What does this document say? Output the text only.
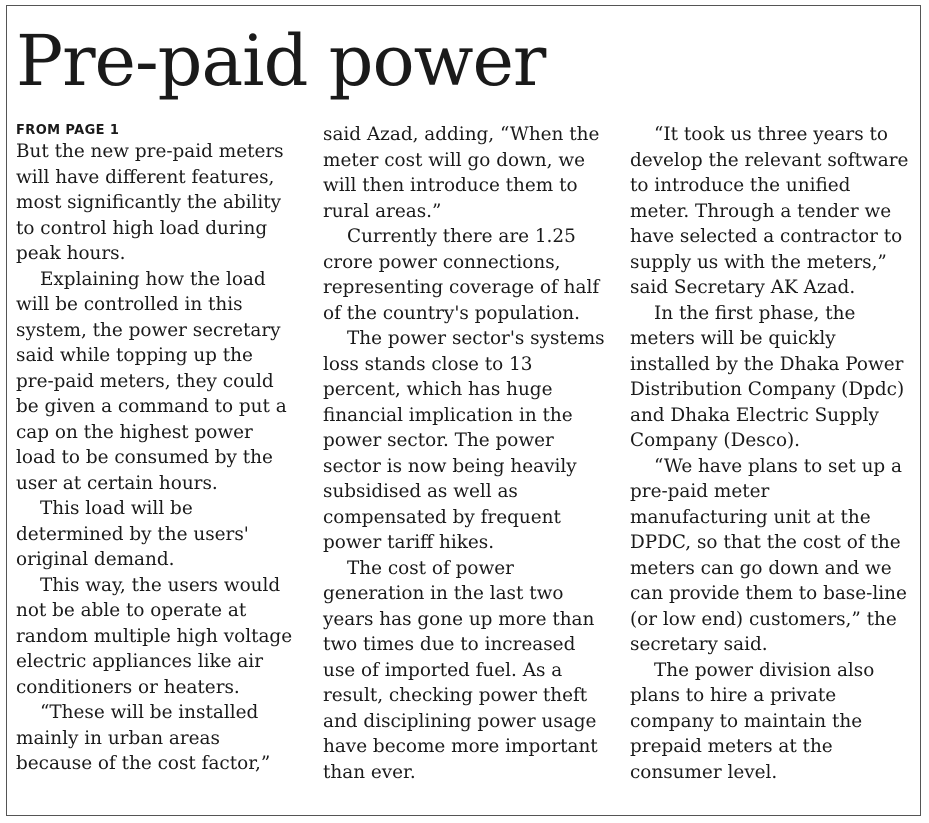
Pre-paid power
FROM PAGE 1

But the new pre-paid meters will have different features, most significantly the ability to control high load during peak hours.

Explaining how the load will be controlled in this system, the power secretary said while topping up the pre-paid meters, they could be given a command to put a cap on the highest power load to be consumed by the user at certain hours.

This load will be determined by the users' original demand.

This way, the users would not be able to operate at random multiple high voltage electric appliances like air conditioners or heaters.

“These will be installed mainly in urban areas because of the cost factor,”

said Azad, adding, “When the meter cost will go down, we will then introduce them to rural areas.”

Currently there are 1.25 crore power connections, representing coverage of half of the country's population.

The power sector's systems loss stands close to 13 percent, which has huge financial implication in the power sector. The power sector is now being heavily subsidised as well as compensated by frequent power tariff hikes.

The cost of power generation in the last two years has gone up more than two times due to increased use of imported fuel. As a result, checking power theft and disciplining power usage have become more important than ever.

“It took us three years to develop the relevant software to introduce the unified meter. Through a tender we have selected a contractor to supply us with the meters,” said Secretary AK Azad.

In the first phase, the meters will be quickly installed by the Dhaka Power Distribution Company (Dpdc) and Dhaka Electric Supply Company (Desco).

“We have plans to set up a pre-paid meter manufacturing unit at the DPDC, so that the cost of the meters can go down and we can provide them to base-line (or low end) customers,” the secretary said.

The power division also plans to hire a private company to maintain the prepaid meters at the consumer level.
